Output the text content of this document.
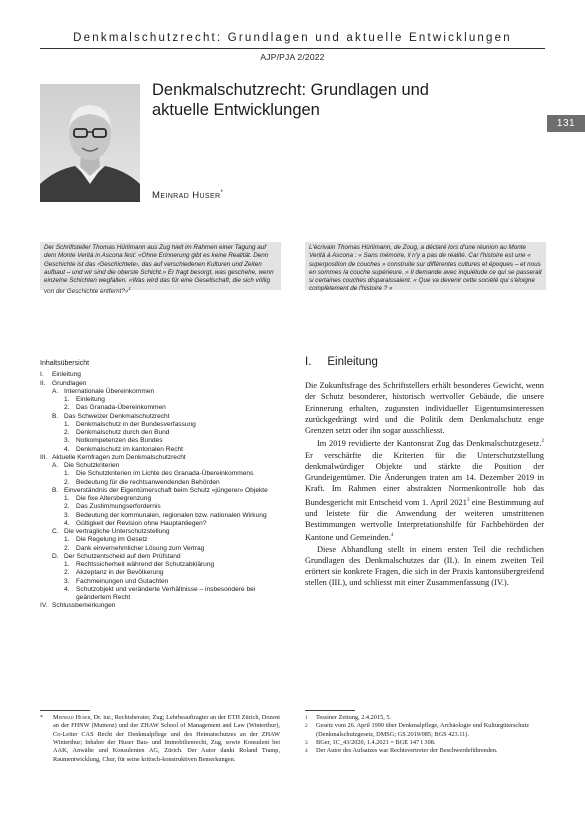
Denkmalschutzrecht: Grundlagen und aktuelle Entwicklungen
AJP/PJA 2/2022
131
Denkmalschutzrecht: Grundlagen und aktuelle Entwicklungen
Meinrad Huser*
Der Schriftsteller Thomas Hürlimann aus Zug hielt im Rahmen einer Tagung auf dem Monte Verità in Ascona fest: «Ohne Erinnerung gibt es keine Realität. Denn Geschichte ist das ‹Geschichtete›, das auf verschiedenen Kulturen und Zeiten aufbaut – und wir sind die oberste Schicht.» Er fragt besorgt, was geschehe, wenn einzelne Schichten wegfallen. «Was wird das für eine Gesellschaft, die sich völlig von der Geschichte entfernt?»$^1$
L'écrivain Thomas Hürlimann, de Zoug, a déclaré lors d'une réunion au Monte Verità à Ascona : « Sans mémoire, il n'y a pas de réalité. Car l'histoire est une « superposition de couches » construite sur différentes cultures et époques – et nous en sommes la couche supérieure. » Il demande avec inquiétude ce qui se passerait si certaines couches disparaissaient. « Que va devenir cette société qui s'éloigne complètement de l'histoire ? »
Inhaltsübersicht
I.	Einleitung
II. Grundlagen
A. Internationale Übereinkommen
1. Einleitung
2. Das Granada-Übereinkommen
B. Das Schweizer Denkmalschutzrecht
1. Denkmalschutz in der Bundesverfassung
2. Denkmalschutz durch den Bund
3. Notkompetenzen des Bundes
4. Denkmalschutz im kantonalen Recht
III. Aktuelle Kernfragen zum Denkmalschutzrecht
A. Die Schutzkriterien
1. Die Schutzkriterien im Lichte des Granada-Übereinkommens
2. Bedeutung für die rechtsanwendenden Behörden
B. Einverständnis der Eigentümerschaft beim Schutz «jüngerer» Objekte
1. Die fixe Altersbegrenzung
2. Das Zustimmungserfordernis
3. Bedeutung der kommunalen, regionalen bzw. nationalen Wirkung
4. Gültigkeit der Revision ohne Hauptanliegen?
C. Die vertragliche Unterschutzstellung
1. Die Regelung im Gesetz
2. Dank einvernehmlicher Lösung zum Vertrag
D. Der Schutzentscheid auf dem Prüfstand
1. Rechtssicherheit während der Schutzabklärung
2. Akzeptanz in der Bevölkerung
3. Fachmeinungen und Gutachten
4. Schutzobjekt und veränderte Verhältnisse – insbesondere bei geändertem Recht
IV. Schlussbemerkungen
I. Einleitung

Die Zukunftsfrage des Schriftstellers erhält besonderes Gewicht, wenn der Schutz besonderer, historisch wertvoller Gebäude, die unsere Erinnerung erhalten, zugunsten individueller Eigentumsinteressen zurückgedrängt wird und die Politik dem Denkmalschutz enge Grenzen setzt oder ihn sogar ausschliesst.

Im 2019 revidierte der Kantonsrat Zug das Denkmalschutzgesetz.$^2$ Er verschärfte die Kriterien für die Unterschutzstellung denkmalwürdiger Objekte und stärkte die Position der Grundeigentümer. Die Änderungen traten am 14. Dezember 2019 in Kraft. Im Rahmen einer abstrakten Normenkontrolle hob das Bundesgericht mit Entscheid vom 1. April 2021$^3$ eine Bestimmung auf und leistete für die Anwendung der weiteren umstrittenen Bestimmungen wertvolle Interpretationshilfe für Fachbehörden der Kantone und Gemeinden.$^4$

Diese Abhandlung stellt in einem ersten Teil die rechtlichen Grundlagen des Denkmalschutzes dar (II.). In einem zweiten Teil erörtert sie konkrete Fragen, die sich in der Praxis kantonsübergreifend stellen (III.), und schliesst mit einer Zusammenfassung (IV.).

*	Meinrad Huser, Dr. iur., Rechtsberater, Zug; Lehrbeauftragter an der ETH Zürich, Dozent an der FHNW (Muttenz) und der ZHAW School of Management and Law (Winterthur), Co-Leiter CAS Recht der Denkmalpflege und des Heimatschutzes an der ZHAW Winterthur; Inhaber der Huser Bau- und Immobilienrecht, Zug, sowie Konsulent bei AAK, Anwälte und Konsulenten AG, Zürich. Der Autor dankt Roland Tramp, Raumentwicklung, Chur, für seine kritisch-konstruktiven Bemerkungen.
1	Tessiner Zeitung, 2.4.2015, 5.
2	Gesetz vom 26. April 1990 über Denkmalpflege, Archäologie und Kulturgüterschutz (Denkmalschutzgesetz, DMSG; GS 2019/085; BGS 423.11).
3	BGer, 1C_43/2020, 1.4.2021 = BGE 147 I 308.
4	Der Autor des Aufsatzes war Rechtsvertreter der Beschwerdeführenden.
